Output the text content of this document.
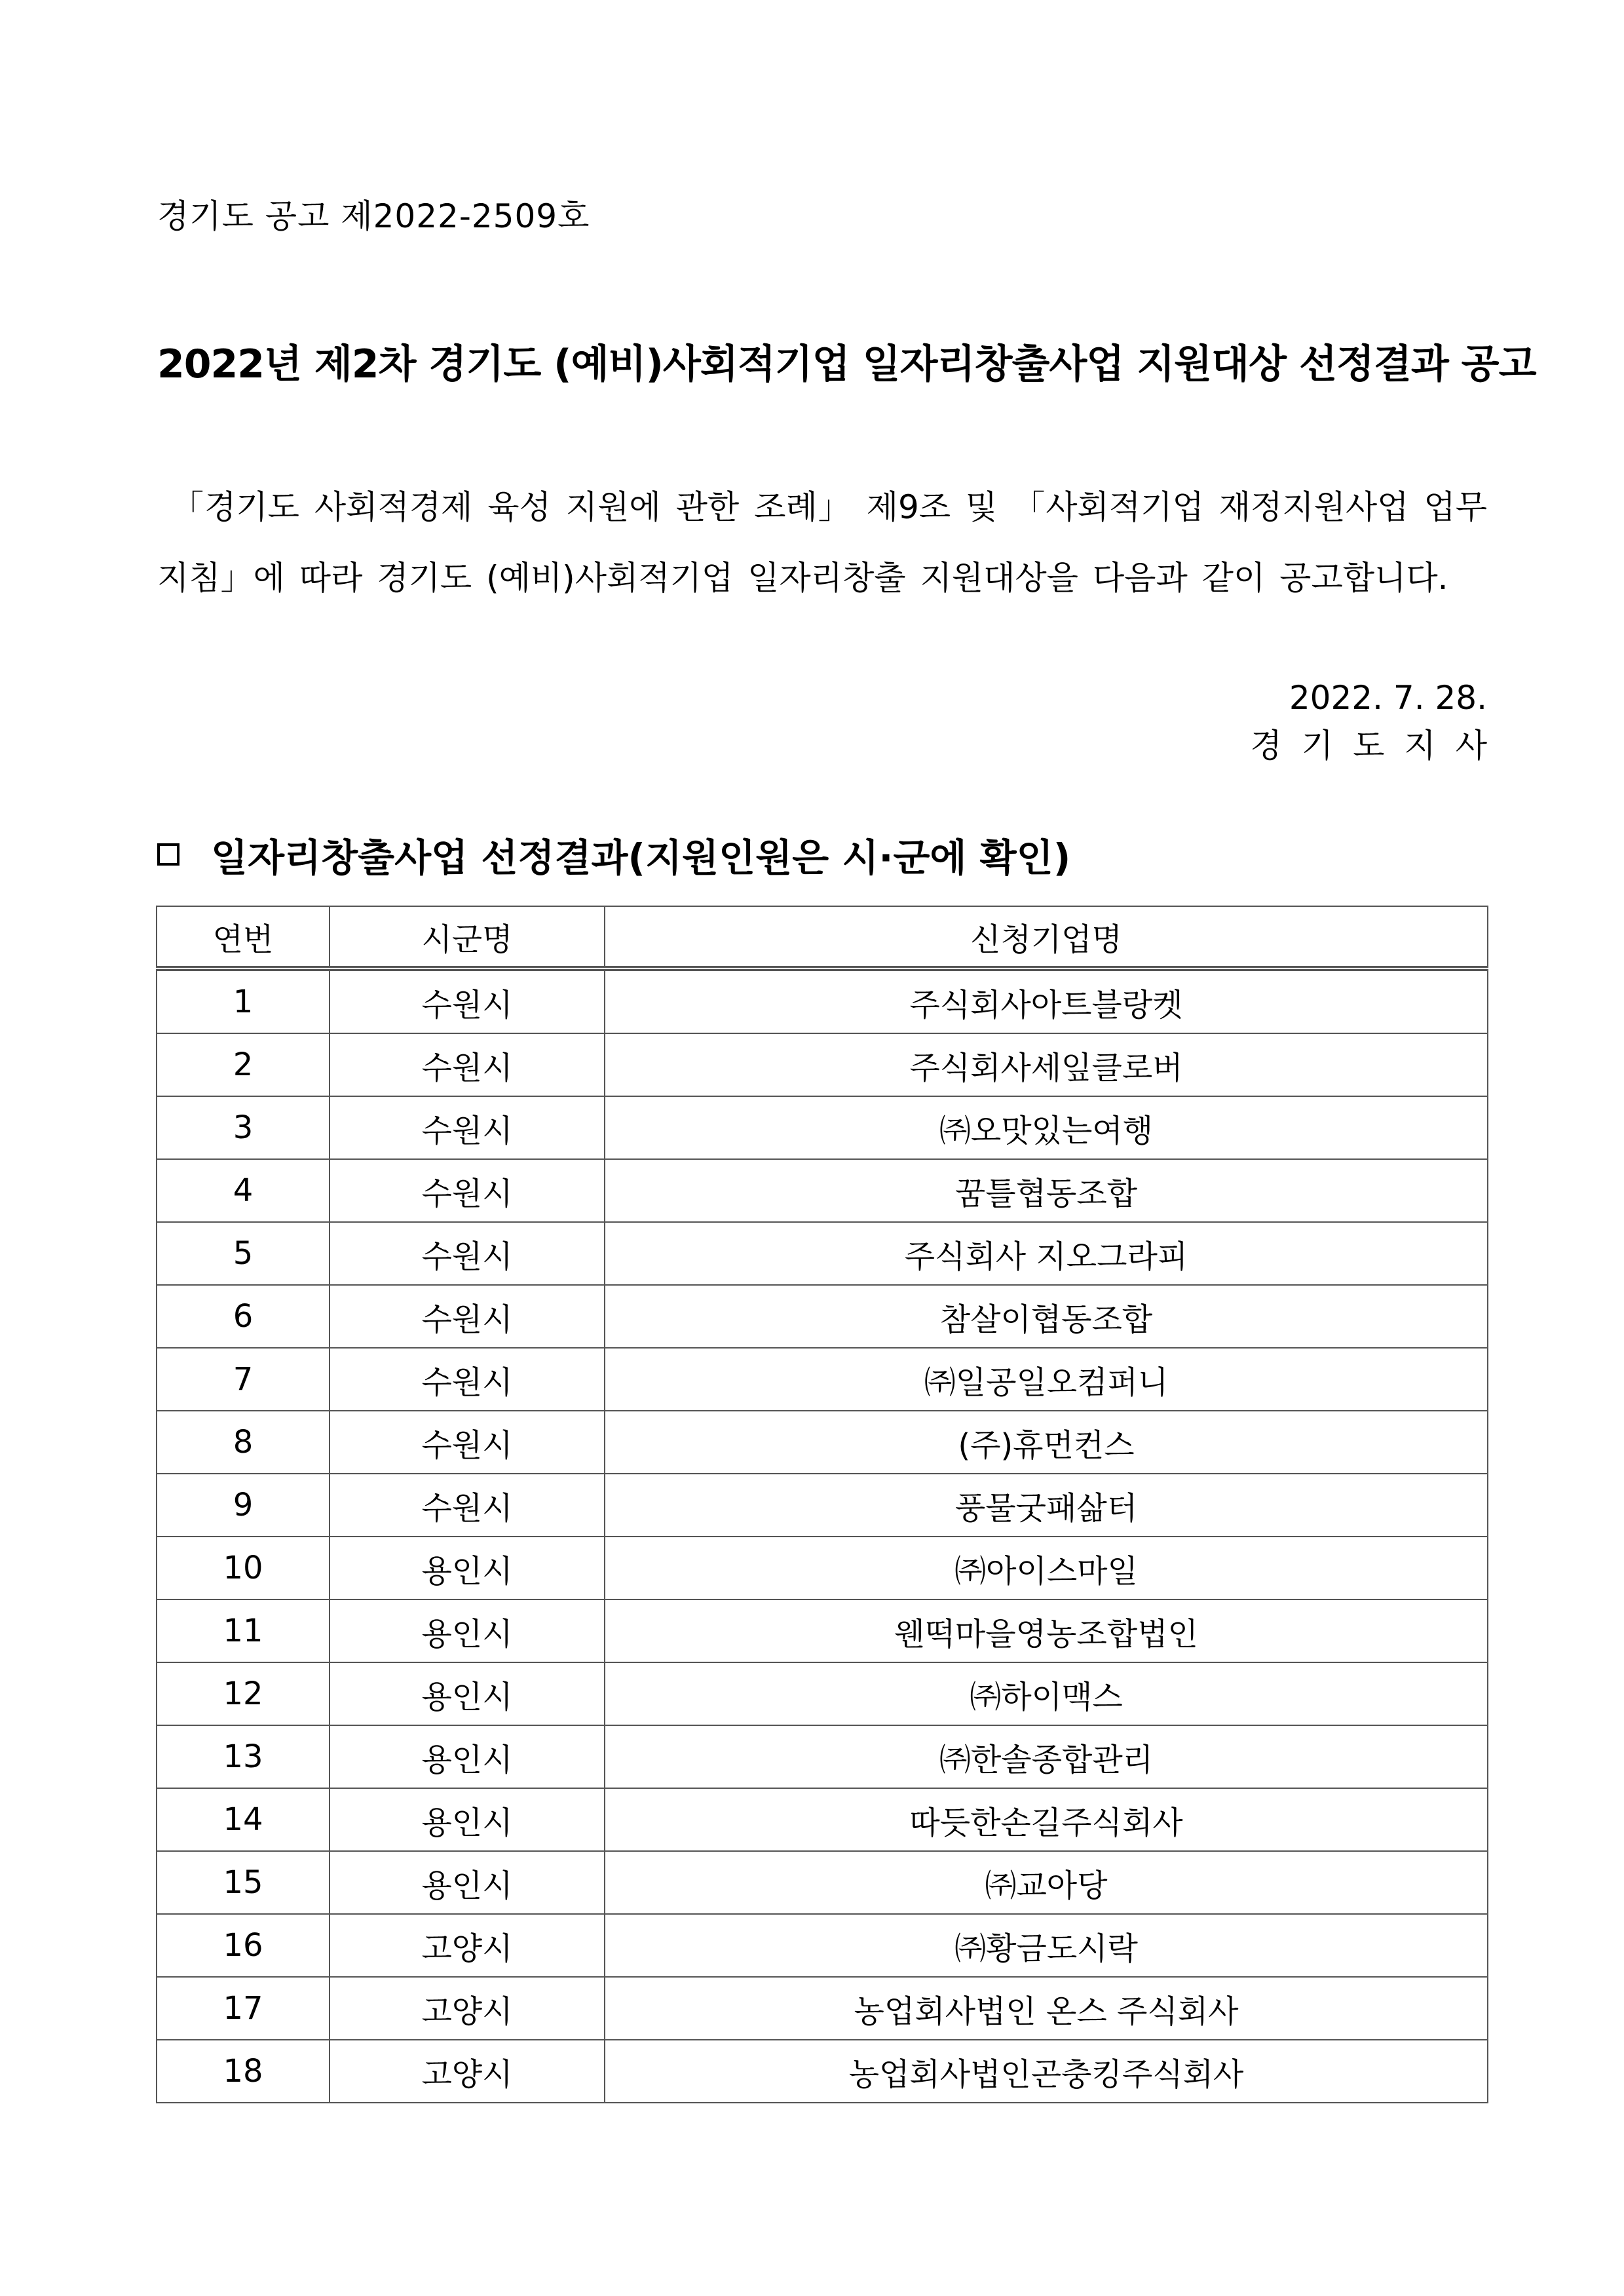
경기도 공고 제2022-2509호
2022년 제2차 경기도 (예비)사회적기업 일자리창출사업 지원대상 선정결과 공고
「경기도 사회적경제 육성 지원에 관한 조례」 제9조 및 「사회적기업 재정지원사업 업무지침」에 따라 경기도 (예비)사회적기업 일자리창출 지원대상을 다음과 같이 공고합니다.
2022. 7. 28.
경기도지사
일자리창출사업 선정결과(지원인원은 시·군에 확인)
연번	시군명	신청기업명
1	수원시	주식회사아트블랑켓
2	수원시	주식회사세잎클로버
3	수원시	㈜오맛있는여행
4	수원시	꿈틀협동조합
5	수원시	주식회사 지오그라피
6	수원시	참살이협동조합
7	수원시	㈜일공일오컴퍼니
8	수원시	(주)휴먼컨스
9	수원시	풍물굿패삶터
10	용인시	㈜아이스마일
11	용인시	웬떡마을영농조합법인
12	용인시	㈜하이맥스
13	용인시	㈜한솔종합관리
14	용인시	따듯한손길주식회사
15	용인시	㈜교아당
16	고양시	㈜황금도시락
17	고양시	농업회사법인 온스 주식회사
18	고양시	농업회사법인곤충킹주식회사
